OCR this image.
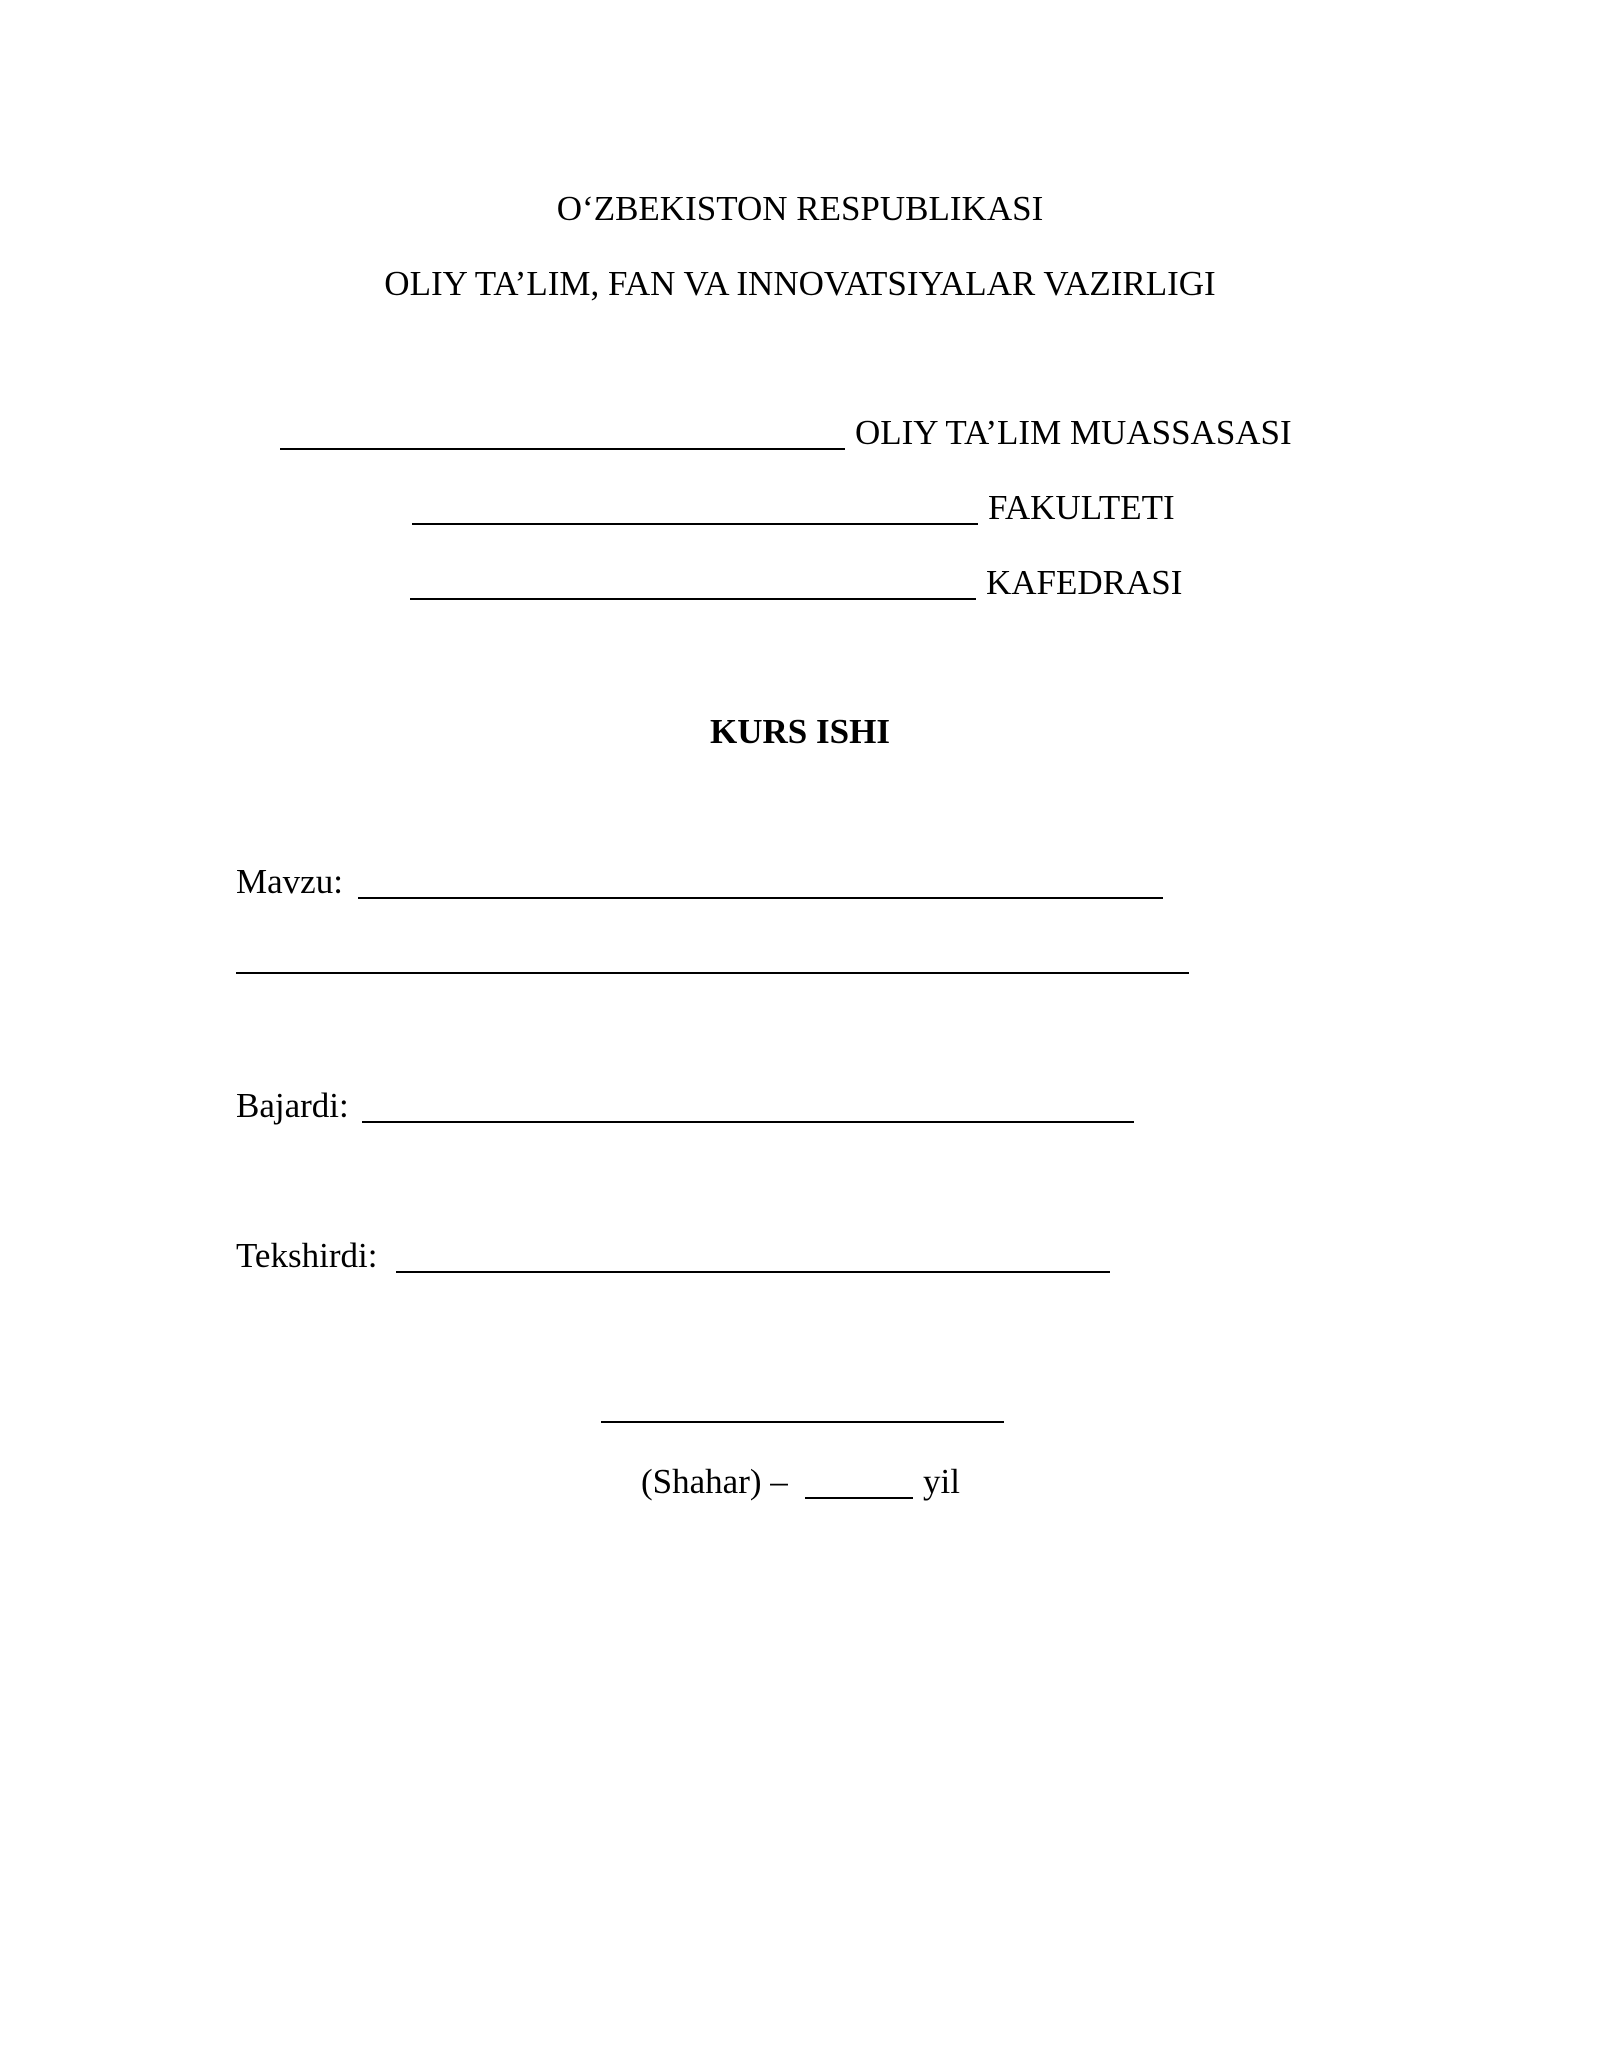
O‘ZBEKISTON RESPUBLIKASI
OLIY TA’LIM, FAN VA INNOVATSIYALAR VAZIRLIGI
OLIY TA’LIM MUASSASASI
FAKULTETI
KAFEDRASI
KURS ISHI
Mavzu:
Bajardi:
Tekshirdi:
(Shahar) –	yil
